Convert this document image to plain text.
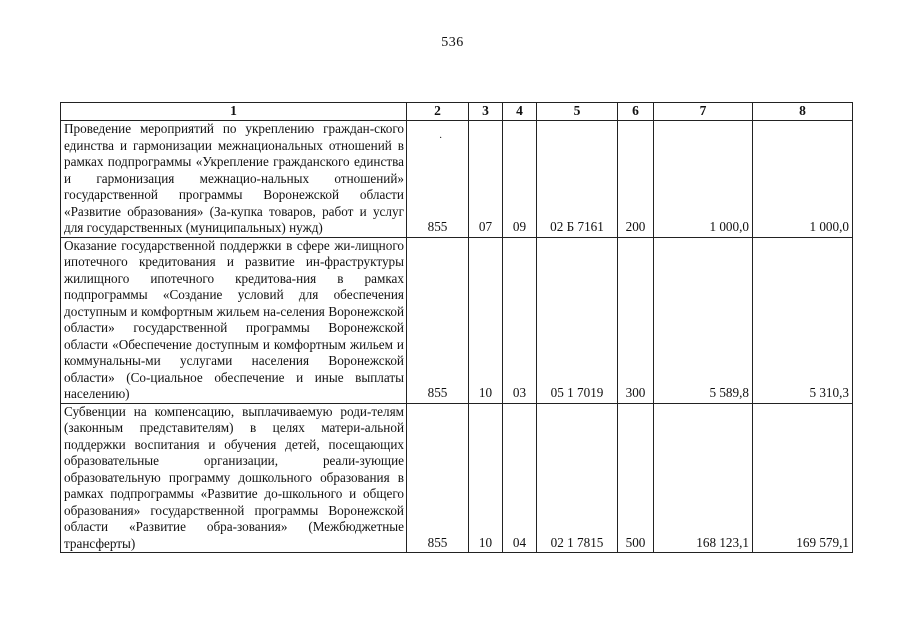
536
1	2	3	4	5	6	7	8
Проведение мероприятий по укреплению граждан-ского единства и гармонизации межнациональных отношений в рамках подпрограммы «Укрепление гражданского единства и гармонизация межнацио-нальных отношений» государственной программы Воронежской области «Развитие образования» (За-купка товаров, работ и услуг для государственных (муниципальных) нужд)	855	07	09	02 Б 7161	200	1 000,0	1 000,0
Оказание государственной поддержки в сфере жи-лищного ипотечного кредитования и развитие ин-фраструктуры жилищного ипотечного кредитова-ния в рамках подпрограммы «Создание условий для обеспечения доступным и комфортным жильем на-селения Воронежской области» государственной программы Воронежской области «Обеспечение доступным и комфортным жильем и коммунальны-ми услугами населения Воронежской области» (Со-циальное обеспечение и иные выплаты населению)	855	10	03	05 1 7019	300	5 589,8	5 310,3
Субвенции на компенсацию, выплачиваемую роди-телям (законным представителям) в целях матери-альной поддержки воспитания и обучения детей, посещающих образовательные организации, реали-зующие образовательную программу дошкольного образования в рамках подпрограммы «Развитие до-школьного и общего образования» государственной программы Воронежской области «Развитие обра-зования» (Межбюджетные трансферты)	855	10	04	02 1 7815	500	168 123,1	169 579,1
·
